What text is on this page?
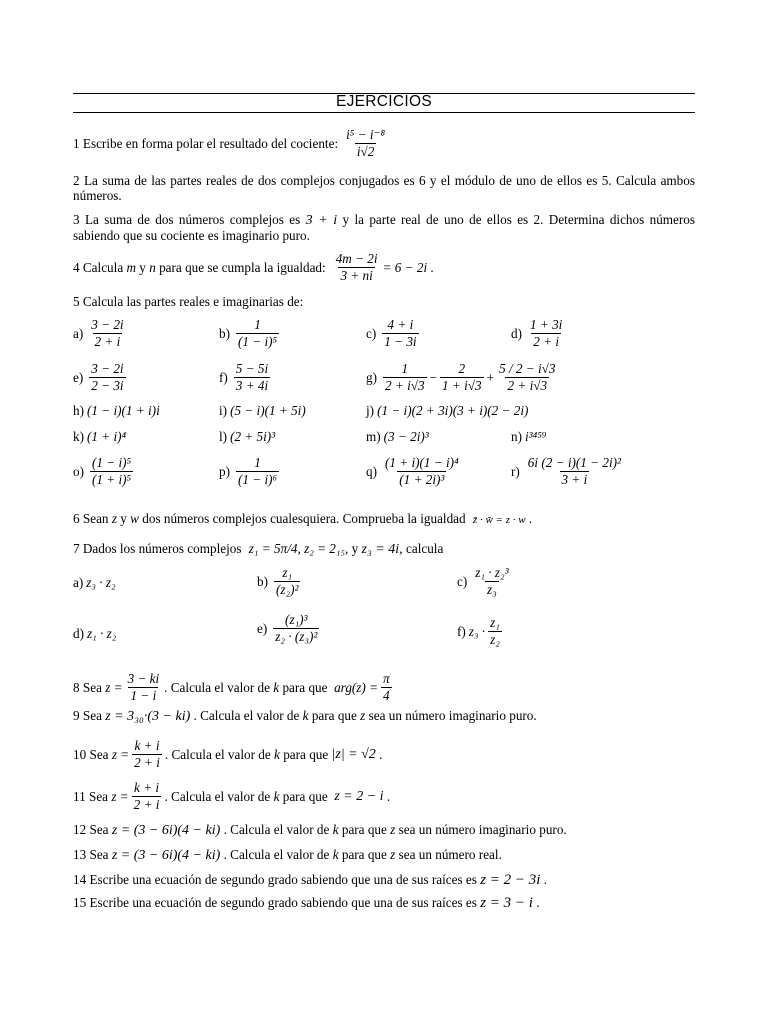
EJERCICIOS
1 Escribe en forma polar el resultado del cociente: $\frac{\text{i⁵ − i⁻⁸}}{i√2}$
2 La suma de las partes reales de dos complejos conjugados es 6 y el módulo de uno de ellos es 5. Calcula ambos números.
3 La suma de dos números complejos es 3 + i y la parte real de uno de ellos es 2. Determina dichos números sabiendo que su cociente es imaginario puro.
4 Calcula
m
y
n
para que se cumpla la igualdad: $\frac{4m - 2i}{3 + ni} = 6 - 2i$
.
5 Calcula las partes reales e imaginarias de:
$a) \frac{3 - 2i}{2 + i}$	$b) \frac{1}{\text{(1 − i)⁵}}$	$c) \frac{4 + i}{1 - 3i}$	$d) \frac{1 + 3i}{2 + i}$
$e) \frac{3 - 2i}{2 - 3i}$	$f) \frac{5 - 5i}{3 + 4i}$	$g) \frac{1}{2 + i√3} - \frac{2}{1 + i√3} + \frac{5 / 2 - i√3}{2 + i√3}$
h) (1 − i)(1 + i)i	i) (5 − i)(1 + 5i)	j) (1 − i)(2 + 3i)(3 + i)(2 − 2i)
k) (1 + i)⁴	l) (2 + 5i)³	m) (3 − 2i)³	n) i³⁴⁵⁹
$o) \frac{\text{(1 − i)⁵}}{\text{(1 + i)⁵}}$	$p) \frac{1}{\text{(1 − i)⁶}}$	$q) \frac{\text{(1 + i)(1 − i)⁴}}{\text{(1 + 2i)³}}$	$r) \frac{\text{6i (2 − i)(1 − 2i)²}}{3 + i}$
6 Sean z y w dos números complejos cualesquiera. Comprueba la igualdad z̄ · w̄ = z · w .
7 Dados los números complejos z₁ = 5π/4, z₂ = 2₁₅, y z₃ = 4i, calcula
a) z₃ · z₂	$b) \frac{\text{z₁}}{\text{(z₂)²}}$	$c) \frac{\text{z₁ · z₂³}}{\text{z₃}}$
d) z₁ · z₂	$e) \frac{\text{(z₁)³}}{\text{z₂ · (z₃)²}}$	f) $z_3 \cdot \frac{\text{z₁}}{\text{z₂}}$
8 Sea
$z = \frac{3 - ki}{1 - i}$ . Calcula el valor de
k
para que
$arg(z) = \frac{\pi}{4}$
9 Sea z = 3₃₀·(3 − ki) . Calcula el valor de k para que z sea un número imaginario puro.
10 Sea
$z = \frac{k + i}{2 + i}$ . Calcula el valor de
k
para que
|z| = √2
.
11 Sea
$z = \frac{k + i}{2 + i}$ . Calcula el valor de
k
para que
z = 2 − i
.
12 Sea z = (3 − 6i)(4 − ki) . Calcula el valor de k para que z sea un número imaginario puro.
13 Sea z = (3 − 6i)(4 − ki) . Calcula el valor de k para que z sea un número real.
14 Escribe una ecuación de segundo grado sabiendo que una de sus raíces es z = 2 − 3i .
15 Escribe una ecuación de segundo grado sabiendo que una de sus raíces es z = 3 − i .
